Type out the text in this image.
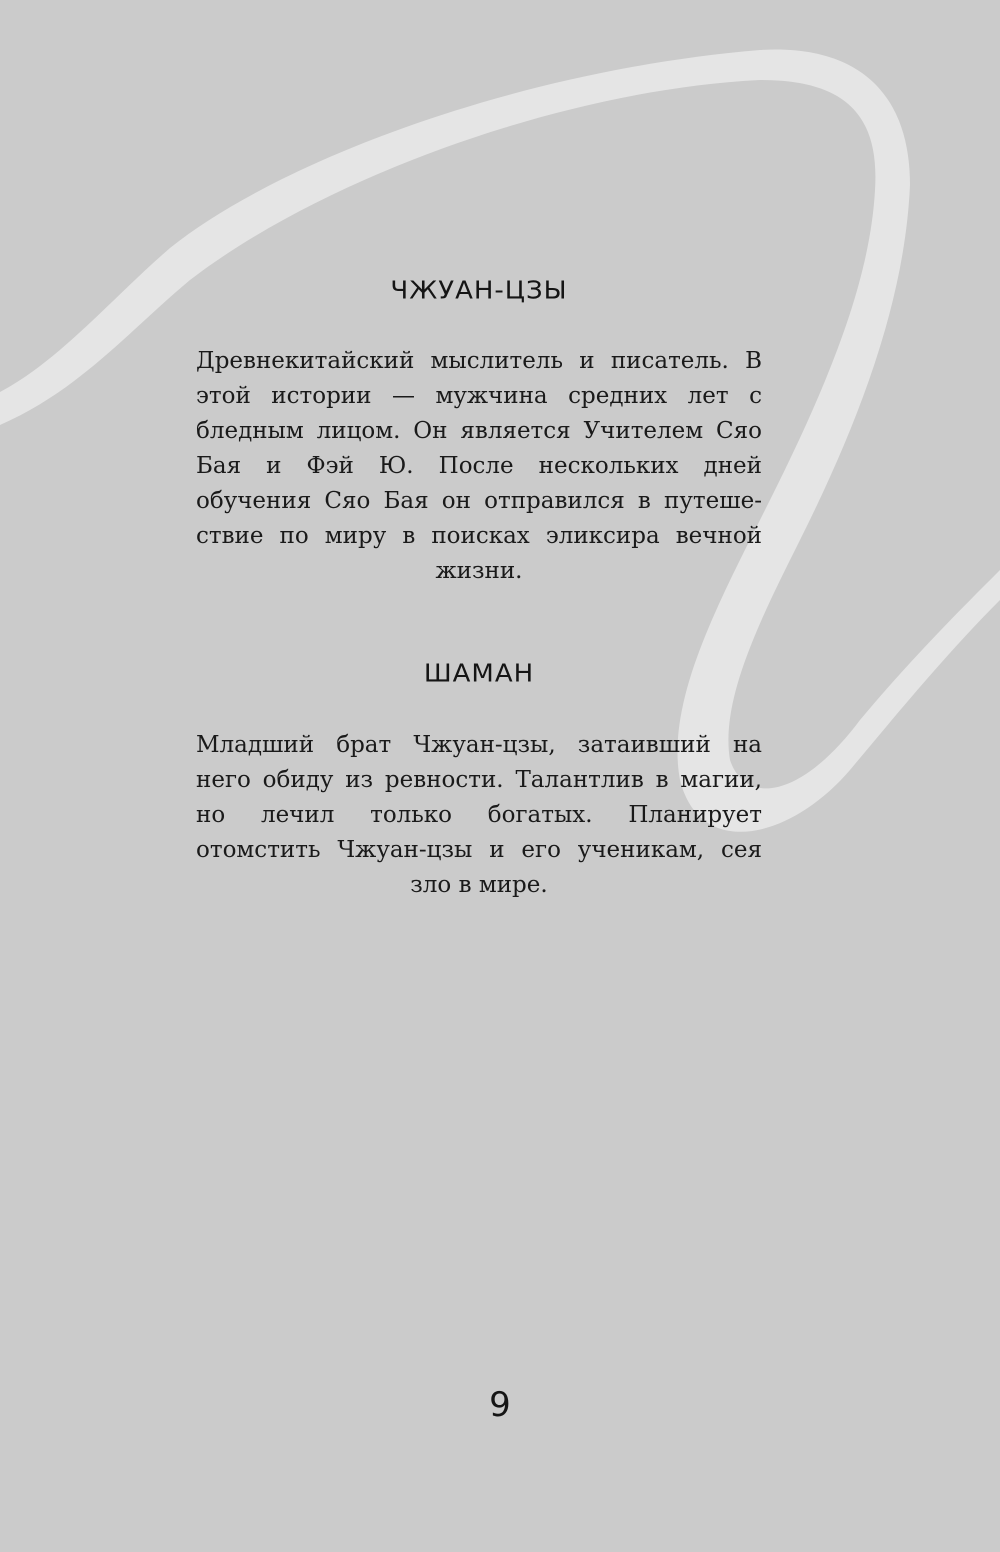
ЧЖУАН-ЦЗЫ

Древнекитайский мыслитель и писатель. В этой истории — мужчина средних лет с бледным лицом. Он является Учителем Сяо Бая и Фэй Ю. После нескольких дней обучения Сяо Бая он отправился в путешествие по миру в поисках эликсира вечной жизни.

ШАМАН

Младший брат Чжуан-цзы, затаивший на него обиду из ревности. Талантлив в магии, но лечил только богатых. Планирует отомстить Чжуан-цзы и его ученикам, сея зло в мире.

9
